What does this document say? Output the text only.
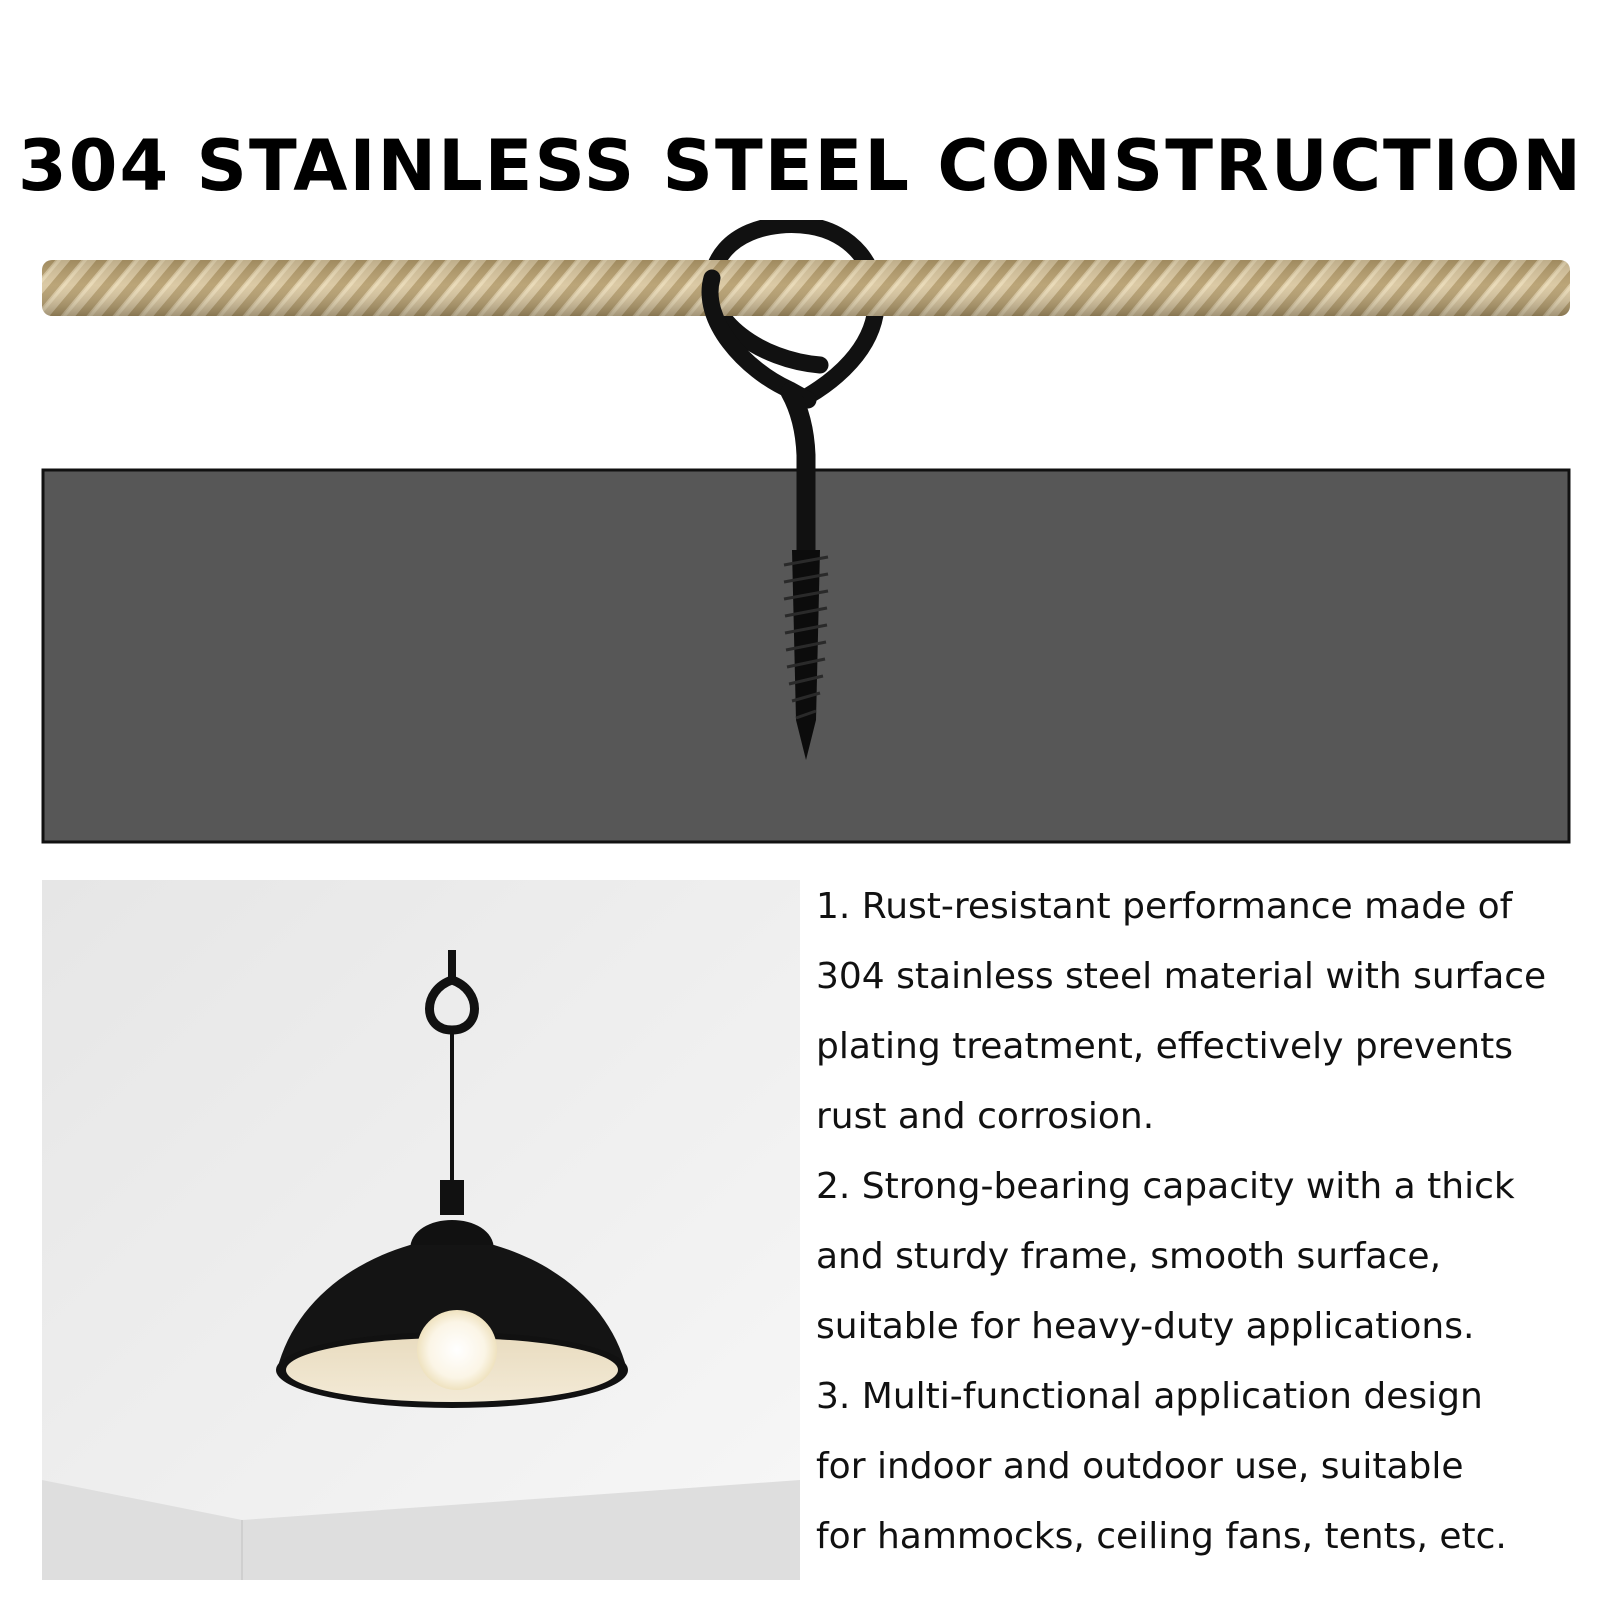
304 STAINLESS STEEL CONSTRUCTION

1. Rust-resistant performance made of

304 stainless steel material with surface

plating treatment, effectively prevents

rust and corrosion.

2. Strong-bearing capacity with a thick

and sturdy frame, smooth surface,

suitable for heavy-duty applications.

3. Multi-functional application design

for indoor and outdoor use, suitable

for hammocks, ceiling fans, tents, etc.
